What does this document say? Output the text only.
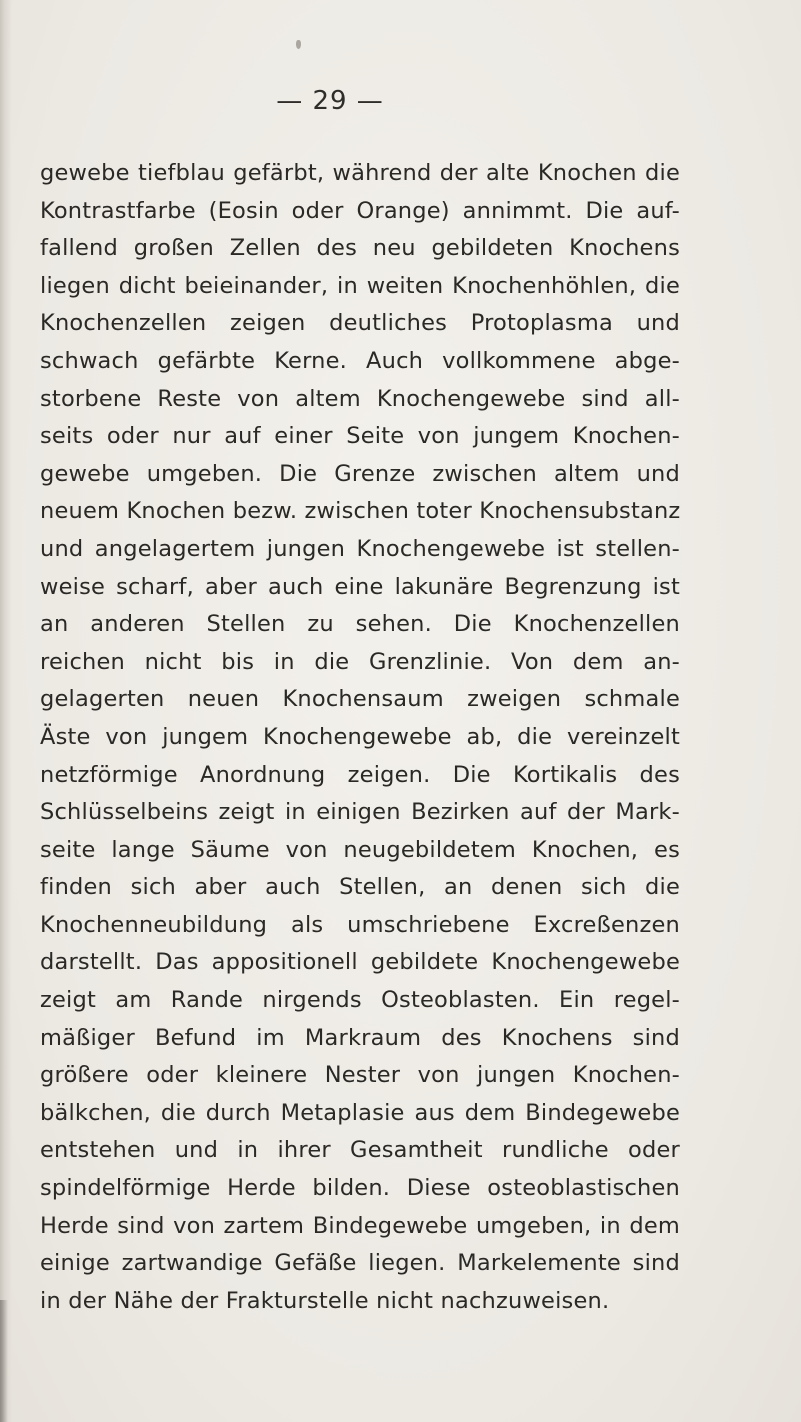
— 29 —
gewebe tiefblau gefärbt, während der alte Knochen die
Kontrastfarbe (Eosin oder Orange) annimmt. Die auf-
fallend großen Zellen des neu gebildeten Knochens
liegen dicht beieinander, in weiten Knochenhöhlen, die
Knochenzellen zeigen deutliches Protoplasma und
schwach gefärbte Kerne. Auch vollkommene abge-
storbene Reste von altem Knochengewebe sind all-
seits oder nur auf einer Seite von jungem Knochen-
gewebe umgeben. Die Grenze zwischen altem und
neuem Knochen bezw. zwischen toter Knochensubstanz
und angelagertem jungen Knochengewebe ist stellen-
weise scharf, aber auch eine lakunäre Begrenzung ist
an anderen Stellen zu sehen. Die Knochenzellen
reichen nicht bis in die Grenzlinie. Von dem an-
gelagerten neuen Knochensaum zweigen schmale
Äste von jungem Knochengewebe ab, die vereinzelt
netzförmige Anordnung zeigen. Die Kortikalis des
Schlüsselbeins zeigt in einigen Bezirken auf der Mark-
seite lange Säume von neugebildetem Knochen, es
finden sich aber auch Stellen, an denen sich die
Knochenneubildung als umschriebene Excreßenzen
darstellt. Das appositionell gebildete Knochengewebe
zeigt am Rande nirgends Osteoblasten. Ein regel-
mäßiger Befund im Markraum des Knochens sind
größere oder kleinere Nester von jungen Knochen-
bälkchen, die durch Metaplasie aus dem Bindegewebe
entstehen und in ihrer Gesamtheit rundliche oder
spindelförmige Herde bilden. Diese osteoblastischen
Herde sind von zartem Bindegewebe umgeben, in dem
einige zartwandige Gefäße liegen. Markelemente sind
in der Nähe der Frakturstelle nicht nachzuweisen.
